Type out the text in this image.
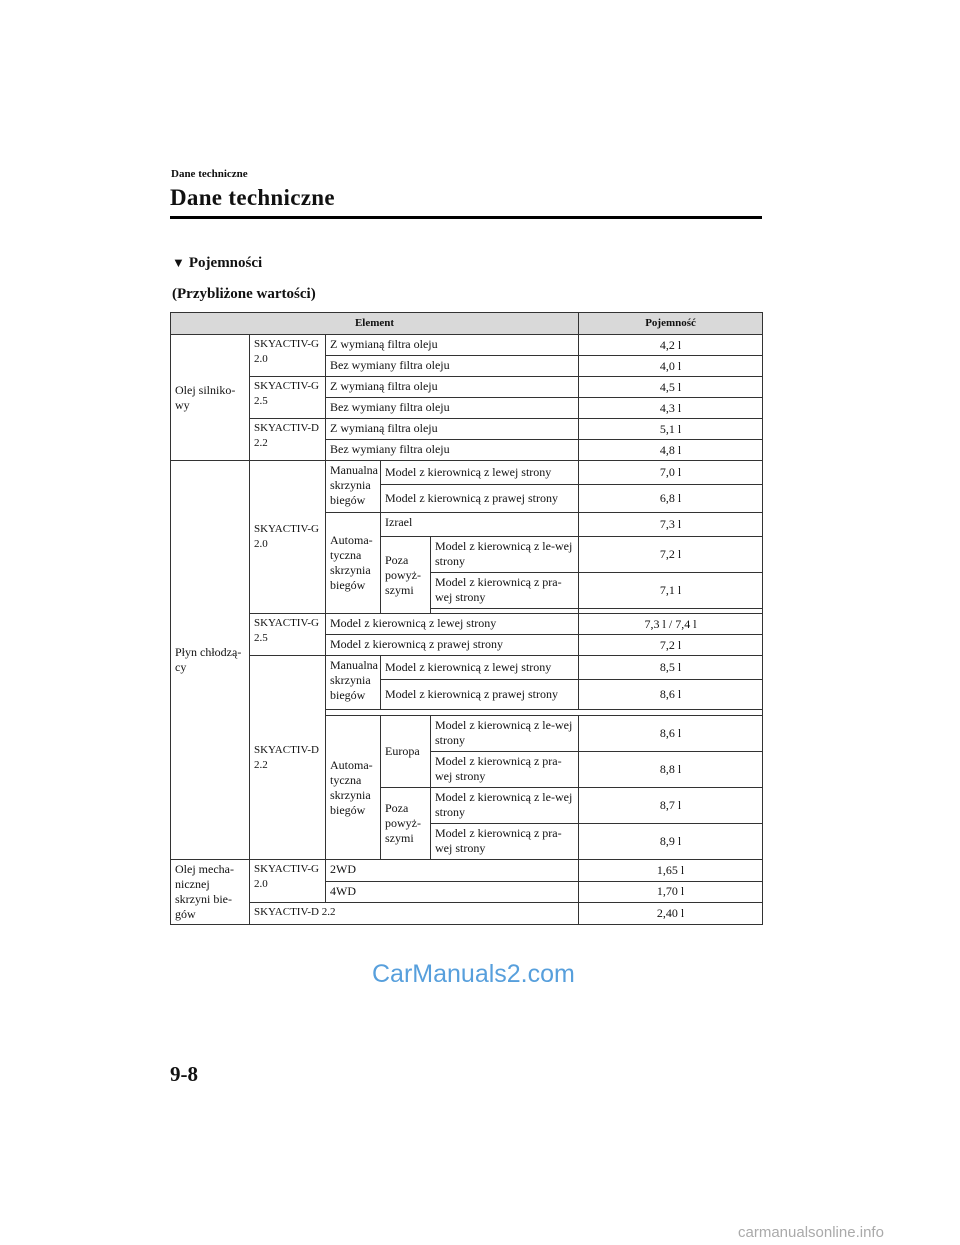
Dane techniczne
Dane techniczne
▼ Pojemności
(Przybliżone wartości)
Element					Pojemność
Olej silniko-wy	SKYACTIV-G 2.0	Z wymianą filtra oleju			4,2 l
		Bez wymiany filtra oleju			4,0 l
	SKYACTIV-G 2.5	Z wymianą filtra oleju			4,5 l
		Bez wymiany filtra oleju			4,3 l
	SKYACTIV-D 2.2	Z wymianą filtra oleju			5,1 l
		Bez wymiany filtra oleju			4,8 l
Płyn chłodzą-cy	SKYACTIV-G 2.0	Manualna skrzynia biegów	Model z kierownicą z lewej strony		7,0 l
			Model z kierownicą z prawej strony		6,8 l
		Automa-tyczna skrzynia biegów	Izrael		7,3 l
			Poza powyż-szymi	Model z kierownicą z le-wej strony	7,2 l
				Model z kierownicą z pra-wej strony	7,1 l

	SKYACTIV-G 2.5	Model z kierownicą z lewej strony			7,3 l / 7,4 l
		Model z kierownicą z prawej strony			7,2 l
	SKYACTIV-D 2.2	Manualna skrzynia biegów	Model z kierownicą z lewej strony		8,5 l
			Model z kierownicą z prawej strony		8,6 l

		Automa-tyczna skrzynia biegów	Europa	Model z kierownicą z le-wej strony	8,6 l
				Model z kierownicą z pra-wej strony	8,8 l
			Poza powyż-szymi	Model z kierownicą z le-wej strony	8,7 l
				Model z kierownicą z pra-wej strony	8,9 l
Olej mecha-nicznej skrzyni bie-gów	SKYACTIV-G 2.0	2WD			1,65 l
		4WD			1,70 l
	SKYACTIV-D 2.2				2,40 l
CarManuals2.com
9-8
carmanualsonline.info
